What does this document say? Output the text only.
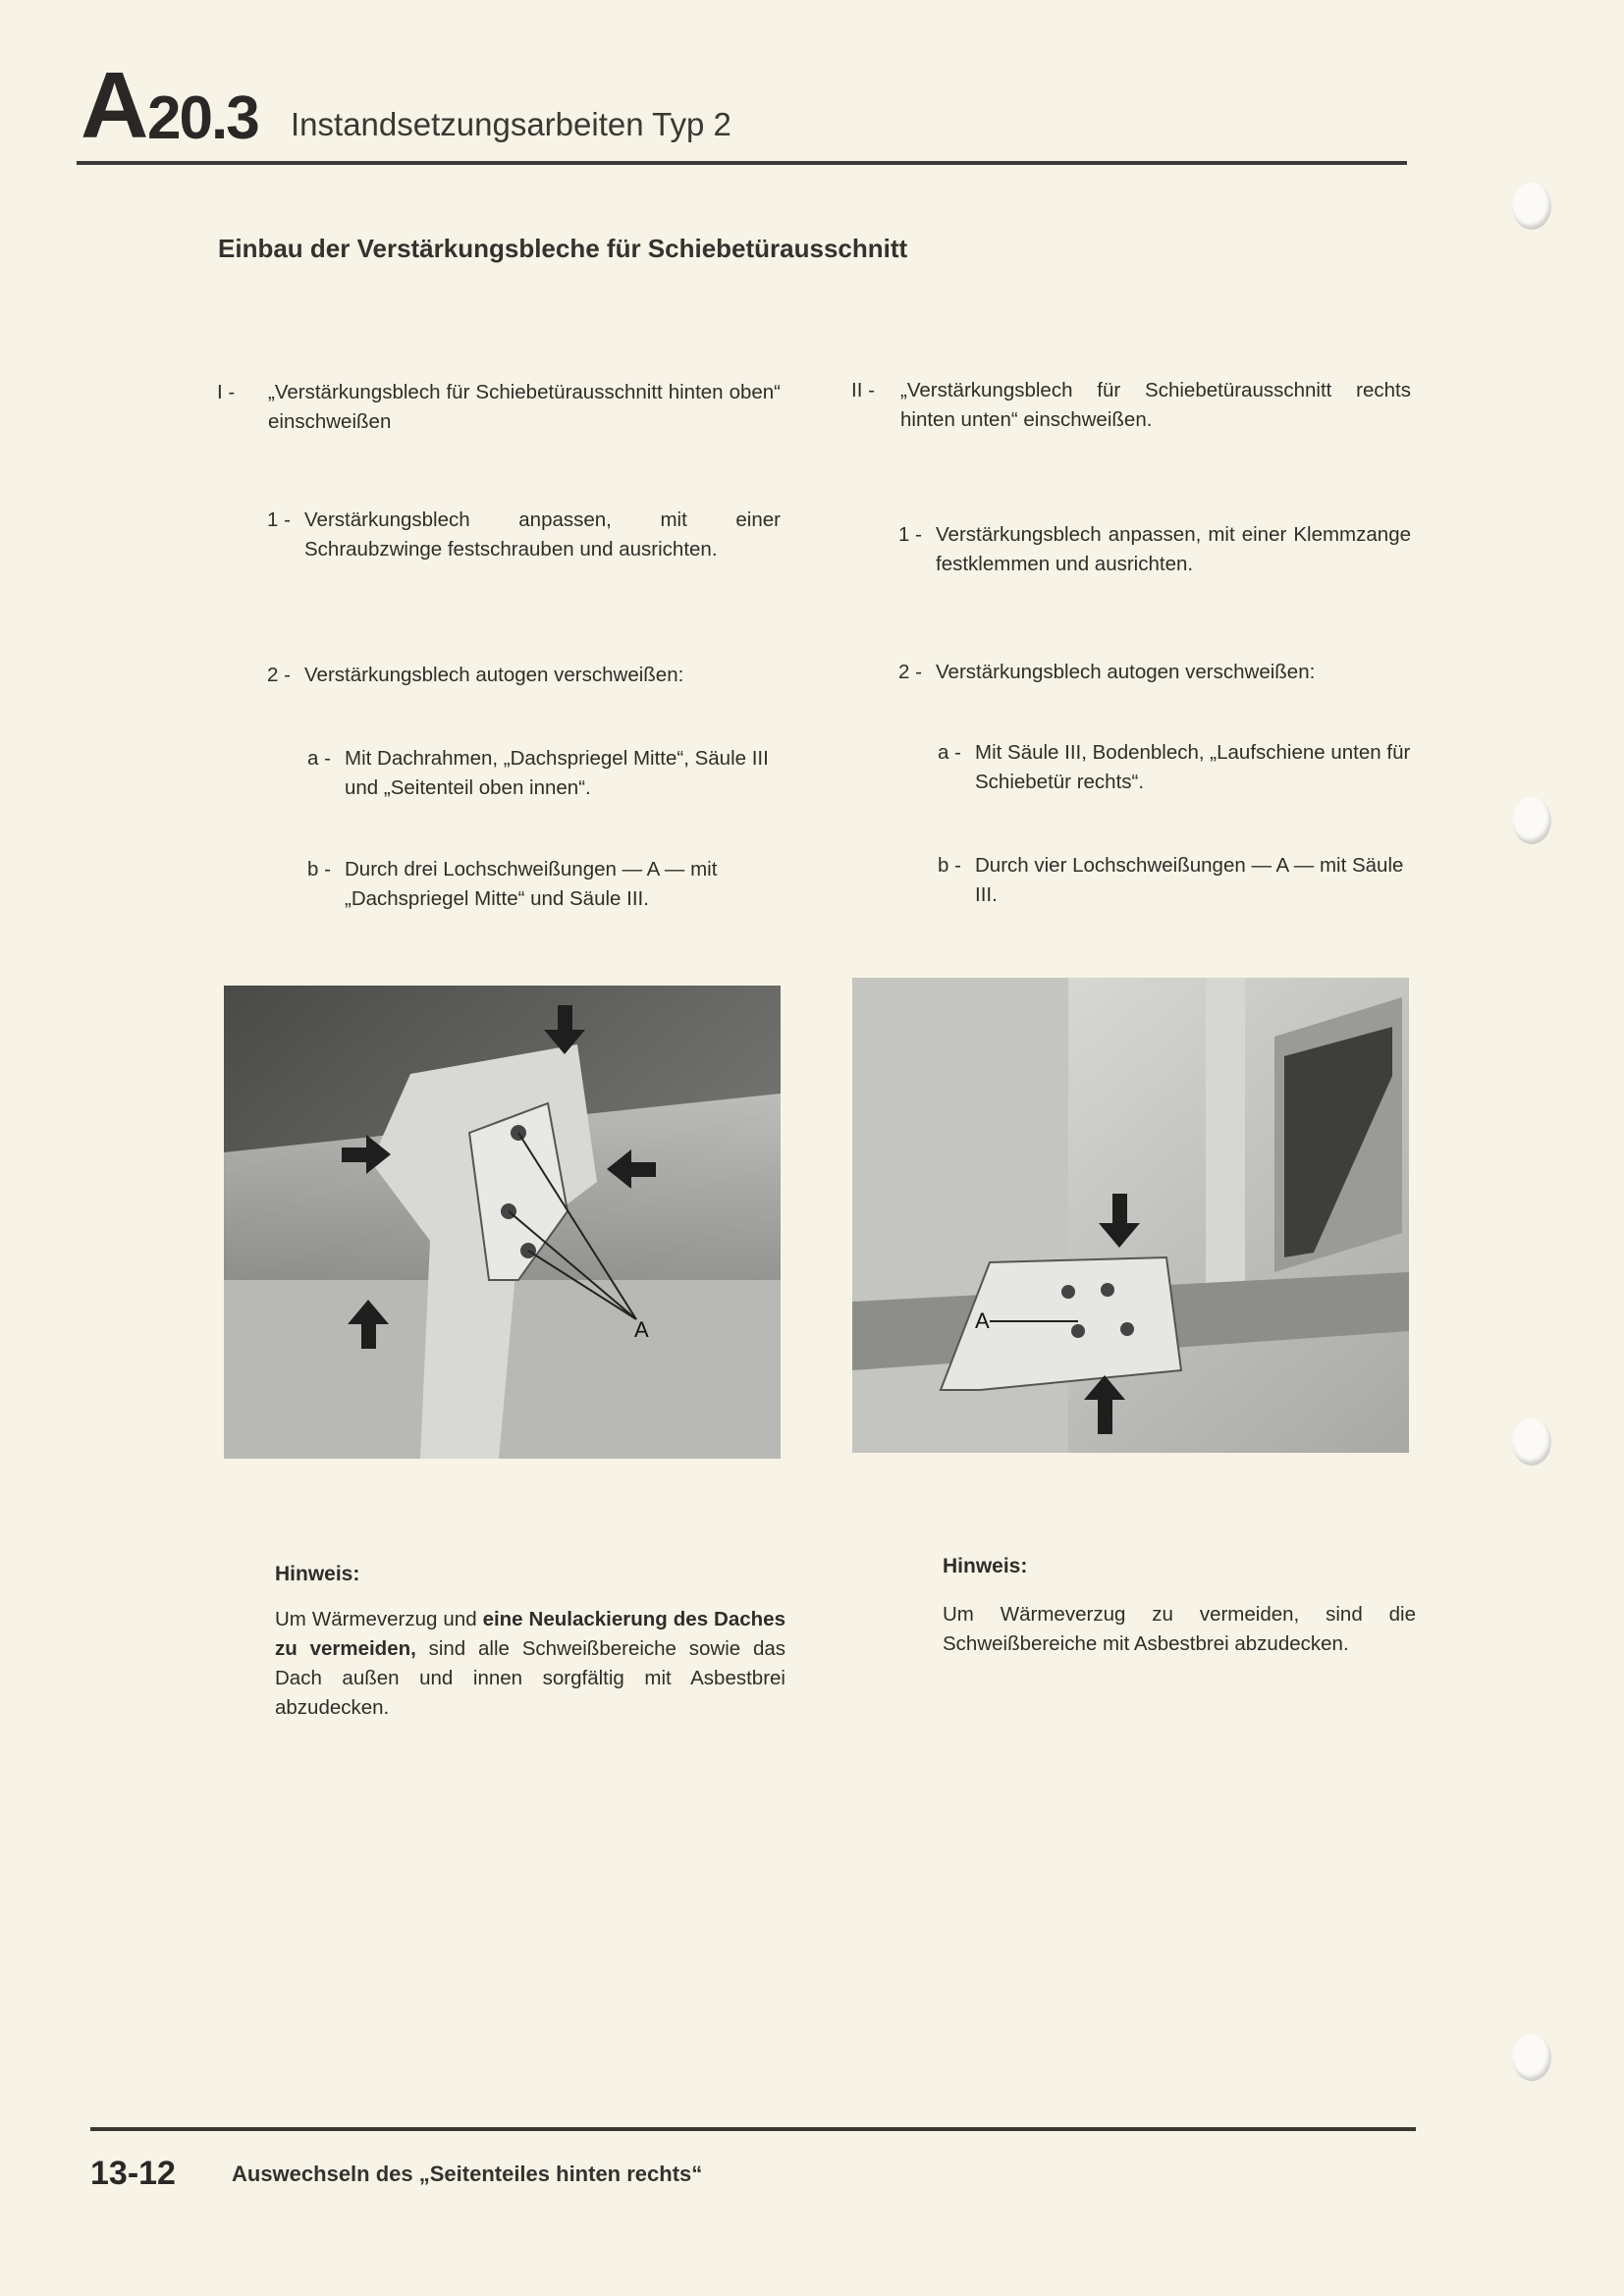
A 20.3 Instandsetzungsarbeiten Typ 2
Einbau der Verstärkungsbleche für Schiebetürausschnitt
I - „Verstärkungsblech für Schiebetürausschnitt hinten oben“ einschweißen
1 - Verstärkungsblech anpassen, mit einer Schraubzwinge festschrauben und ausrichten.
2 - Verstärkungsblech autogen verschweißen:
a - Mit Dachrahmen, „Dachspriegel Mitte“, Säule III und „Seitenteil oben innen“.
b - Durch drei Lochschweißungen — A — mit „Dachspriegel Mitte“ und Säule III.
II - „Verstärkungsblech für Schiebetürausschnitt rechts hinten unten“ einschweißen.
1 - Verstärkungsblech anpassen, mit einer Klemmzange festklemmen und ausrichten.
2 - Verstärkungsblech autogen verschweißen:
a - Mit Säule III, Bodenblech, „Laufschiene unten für Schiebetür rechts“.
b - Durch vier Lochschweißungen — A — mit Säule III.
A	A
Hinweis:
Um Wärmeverzug und eine Neulackierung des Daches zu vermeiden, sind alle Schweißbereiche sowie das Dach außen und innen sorgfältig mit Asbestbrei abzudecken.
Hinweis:
Um Wärmeverzug zu vermeiden, sind die Schweißbereiche mit Asbestbrei abzudecken.
13-12	Auswechseln des „Seitenteiles hinten rechts“
